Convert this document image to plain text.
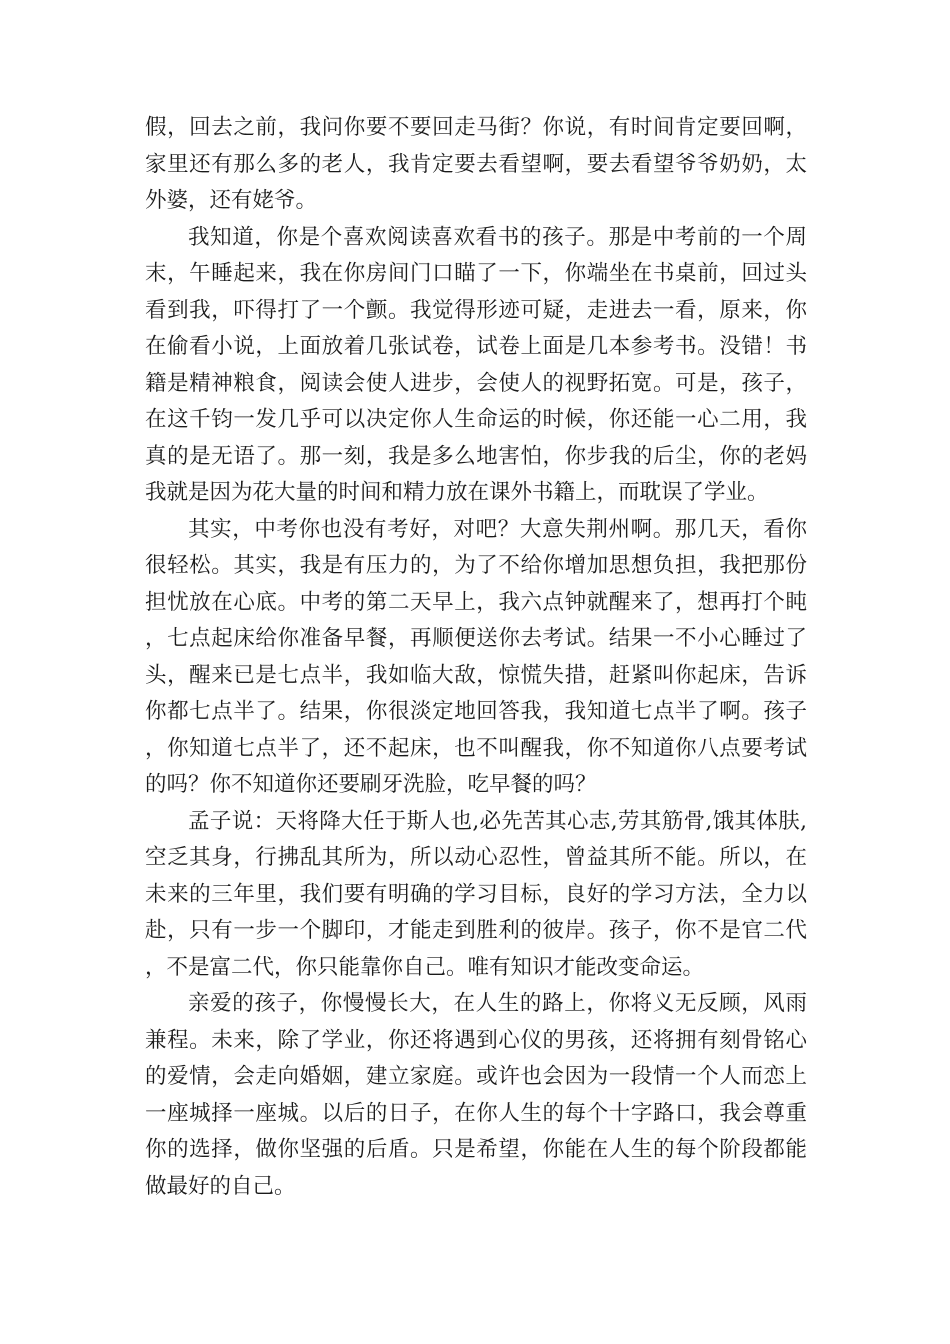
假，回去之前，我问你要不要回走马街？你说，有时间肯定要回啊，家里还有那么多的老人，我肯定要去看望啊，要去看望爷爷奶奶，太外婆，还有姥爷。

我知道，你是个喜欢阅读喜欢看书的孩子。那是中考前的一个周末，午睡起来，我在你房间门口瞄了一下，你端坐在书桌前，回过头看到我，吓得打了一个颤。我觉得形迹可疑，走进去一看，原来，你在偷看小说，上面放着几张试卷，试卷上面是几本参考书。没错！书籍是精神粮食，阅读会使人进步，会使人的视野拓宽。可是，孩子，在这千钧一发几乎可以决定你人生命运的时候，你还能一心二用，我真的是无语了。那一刻，我是多么地害怕，你步我的后尘，你的老妈我就是因为花大量的时间和精力放在课外书籍上，而耽误了学业。

其实，中考你也没有考好，对吧？大意失荆州啊。那几天，看你很轻松。其实，我是有压力的，为了不给你增加思想负担，我把那份担忧放在心底。中考的第二天早上，我六点钟就醒来了，想再打个盹，七点起床给你准备早餐，再顺便送你去考试。结果一不小心睡过了头，醒来已是七点半，我如临大敌，惊慌失措，赶紧叫你起床，告诉你都七点半了。结果，你很淡定地回答我，我知道七点半了啊。孩子，你知道七点半了，还不起床，也不叫醒我，你不知道你八点要考试的吗？你不知道你还要刷牙洗脸，吃早餐的吗？

孟子说：天将降大任于斯人也,必先苦其心志,劳其筋骨,饿其体肤,空乏其身，行拂乱其所为，所以动心忍性，曾益其所不能。所以，在未来的三年里，我们要有明确的学习目标，良好的学习方法，全力以赴，只有一步一个脚印，才能走到胜利的彼岸。孩子，你不是官二代，不是富二代，你只能靠你自己。唯有知识才能改变命运。

亲爱的孩子，你慢慢长大，在人生的路上，你将义无反顾，风雨兼程。未来，除了学业，你还将遇到心仪的男孩，还将拥有刻骨铭心的爱情，会走向婚姻，建立家庭。或许也会因为一段情一个人而恋上一座城择一座城。以后的日子，在你人生的每个十字路口，我会尊重你的选择，做你坚强的后盾。只是希望，你能在人生的每个阶段都能做最好的自己。
